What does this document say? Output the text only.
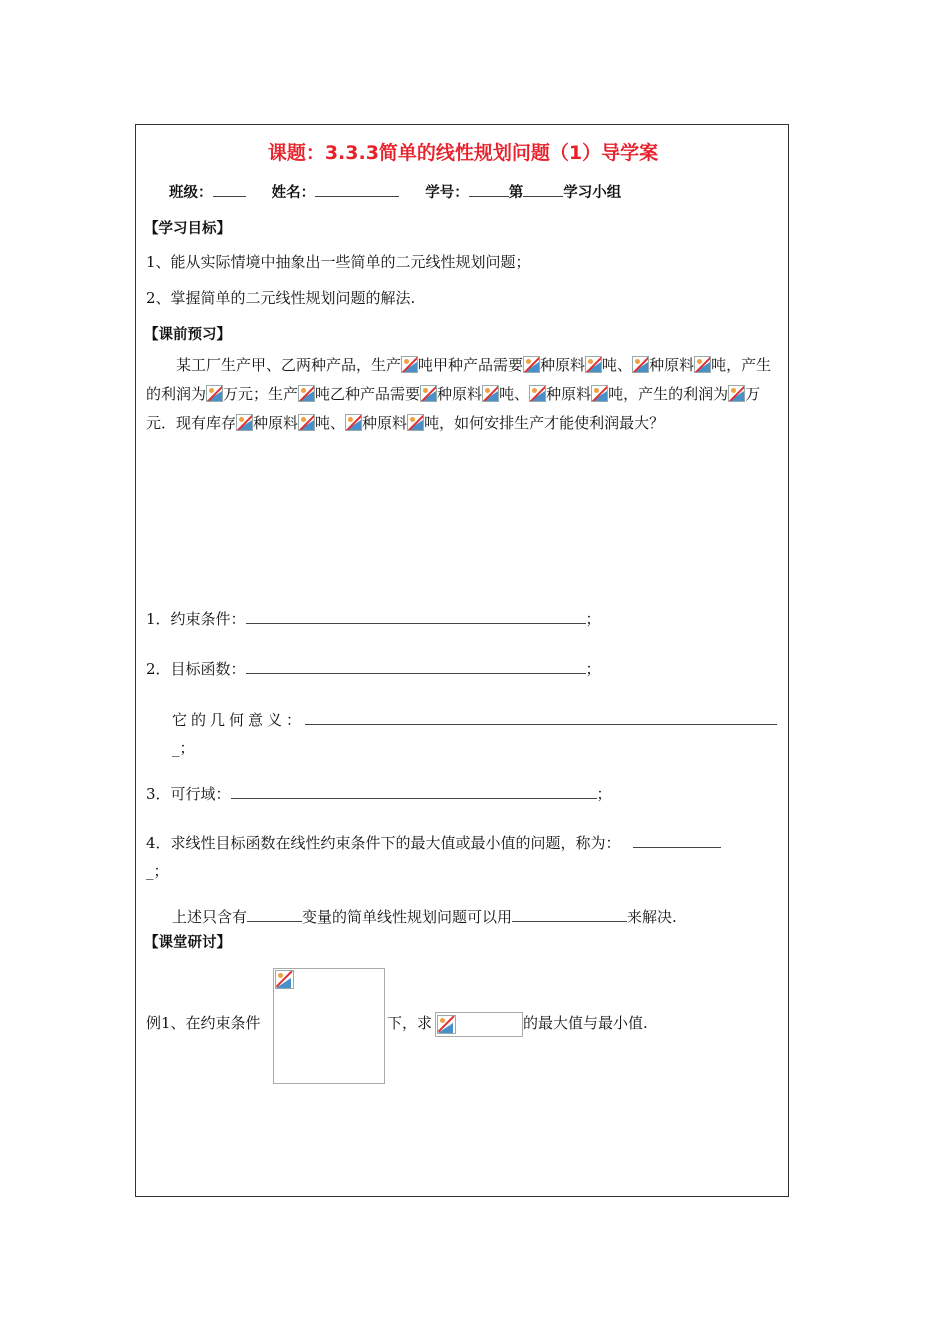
课题：3.3.3简单的线性规划问题（1）导学案
班级：	姓名：	学号：	第	学习小组
【学习目标】
1、能从实际情境中抽象出一些简单的二元线性规划问题；
2、掌握简单的二元线性规划问题的解法.
【课前预习】
某工厂生产甲、乙两种产品，生产 吨甲种产品需要 种原料 吨、 种原料 吨，产生的利润为 万元；生产 吨乙种产品需要 种原料 吨、 种原料 吨，产生的利润为 万元．现有库存 种原料 吨、 种原料 吨，如何安排生产才能使利润最大？
1．约束条件：	；
2．目标函数：	；
它的几何意义：
_；
3．可行域：	；
4．求线性目标函数在线性约束条件下的最大值或最小值的问题，称为：
_；
上述只含有	变量的简单线性规划问题可以用	来解决.
【课堂研讨】
例1、在约束条件	下，求	的最大值与最小值.
